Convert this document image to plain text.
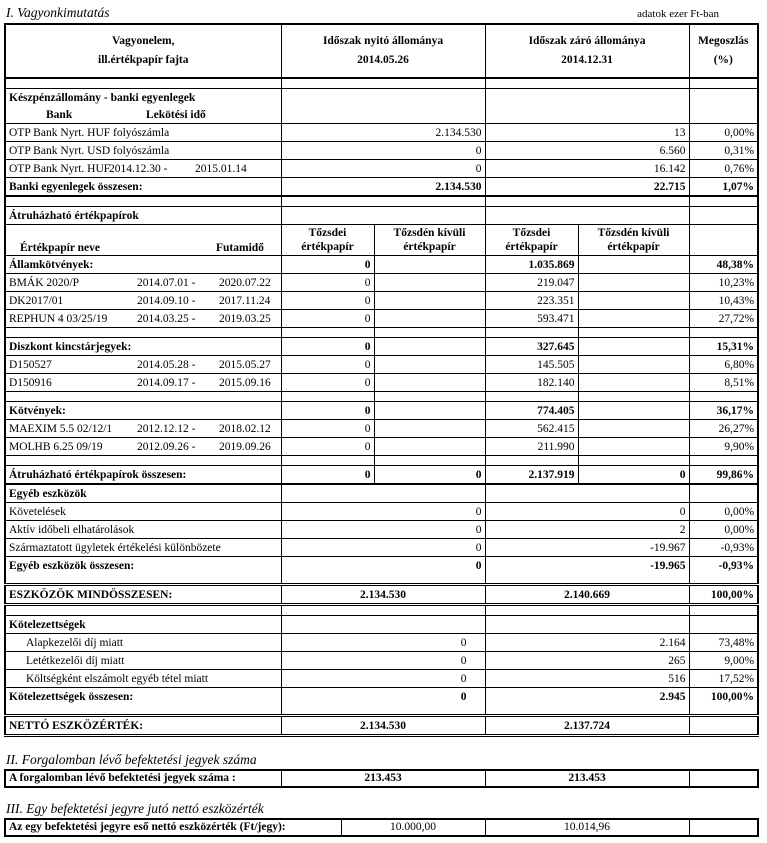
I. Vagyonkimutatás	adatok ezer Ft-ban
Vagyonelem,
ill.értékpapír fajta	Időszak nyitó állománya
2014.05.26		Időszak záró állománya
2014.12.31		Megoszlás
(%)

Készpénzállomány - banki egyenlegek					
Bank Lekötési idő					
OTP Bank Nyrt. HUF folyószámla	2.134.530		13		0,00%
OTP Bank Nyrt. USD folyószámla	0		6.560		0,31%
OTP Bank Nyrt. HUF2014.12.30 - 2015.01.14	0		16.142		0,76%
Banki egyenlegek összesen:	2.134.530		22.715		1,07%

Átruházható értékpapírok					
Értékpapír neve Futamidő	Tőzsdei
értékpapír	Tőzsdén kívüli
értékpapír	Tőzsdei
értékpapír	Tőzsdén kívüli
értékpapír	
Államkötvények:	0		1.035.869		48,38%
BMÁK 2020/P 2014.07.01 - 2020.07.22	0		219.047		10,23%
DK2017/01 2014.09.10 - 2017.11.24	0		223.351		10,43%
REPHUN 4 03/25/19 2014.03.25 - 2019.03.25	0		593.471		27,72%

Diszkont kincstárjegyek:	0		327.645		15,31%
D150527 2014.05.28 - 2015.05.27	0		145.505		6,80%
D150916 2014.09.17 - 2015.09.16	0		182.140		8,51%

Kötvények:	0		774.405		36,17%
MAEXIM 5.5 02/12/1 2012.12.12 - 2018.02.12	0		562.415		26,27%
MOLHB 6.25 09/19 2012.09.26 - 2019.09.26	0		211.990		9,90%

Átruházható értékpapírok összesen:	0	0	2.137.919	0	99,86%
Egyéb eszközök					
Követelések	0		0		0,00%
Aktív időbeli elhatárolások	0		2		0,00%
Származtatott ügyletek értékelési különbözete	0		-19.967		-0,93%
Egyéb eszközök összesen:	0		-19.965		-0,93%

ESZKÖZÖK MINDÖSSZESEN:	2.134.530		2.140.669		100,00%

Kötelezettségek					
Alapkezelői díj miatt	0		2.164		73,48%
Letétkezelői díj miatt	0		265		9,00%
Költségként elszámolt egyéb tétel miatt	0		516		17,52%
Kötelezettségek összesen:	0		2.945		100,00%

NETTÓ ESZKÖZÉRTÉK:	2.134.530		2.137.724		
II. Forgalomban lévő befektetési jegyek száma
A forgalomban lévő befektetési jegyek száma :	213.453	213.453	
III. Egy befektetési jegyre jutó nettó eszközérték
Az egy befektetési jegyre eső nettó eszközérték (Ft/jegy):	10.000,00	10.014,96	
